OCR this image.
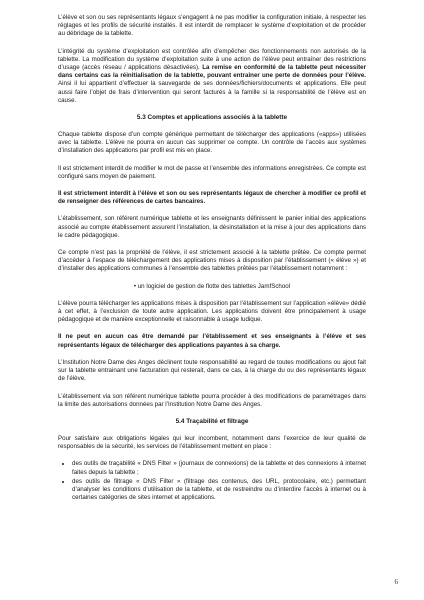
L’élève et son ou ses représentants légaux s’engagent à ne pas modifier la configuration initiale, à respecter les réglages et les profils de sécurité installés. Il est interdit de remplacer le système d’exploitation et de procéder au débridage de la tablette.

L’intégrité du système d’exploitation est contrôlée afin d’empêcher des fonctionnements non autorisés de la tablette. La modification du système d’exploitation suite à une action de l’élève peut entraîner des restrictions d’usage (accès réseau / applications désactivées). La remise en conformité de la tablette peut nécessiter dans certains cas la réinitialisation de la tablette, pouvant entraîner une perte de données pour l’élève. Ainsi il lui appartient d’effectuer la sauvegarde de ses données/fichiers/documents et applications. Elle peut aussi faire l’objet de frais d’intervention qui seront facturés à la famille si la responsabilité de l’élève est en cause.

5.3 Comptes et applications associés à la tablette

Chaque tablette dispose d’un compte générique permettant de télécharger des applications («apps») utilisées avec la tablette. L’élève ne pourra en aucun cas supprimer ce compte. Un contrôle de l’accès aux systèmes d’installation des applications par profil est mis en place.

Il est strictement interdit de modifier le mot de passe et l’ensemble des informations enregistrées. Ce compte est configuré sans moyen de paiement.

Il est strictement interdit à l’élève et son ou ses représentants légaux de chercher à modifier ce profil et de renseigner des références de cartes bancaires.

L’établissement, son référent numérique tablette et les enseignants définissent le panier initial des applications associé au compte établissement assurent l’installation, la désinstallation et la mise à jour des applications dans le cadre pédagogique.

Ce compte n’est pas la propriété de l’élève, il est strictement associé à la tablette prêtée. Ce compte permet d’accéder à l’espace de téléchargement des applications mises à disposition par l’établissement (« élève ») et d’installer des applications communes à l’ensemble des tablettes prêtées par l’établissement notamment :

• un logiciel de gestion de flotte des tablettes JamfSchool

L’élève pourra télécharger les applications mises à disposition par l’établissement sur l’application «élève» dédié à cet effet, à l’exclusion de toute autre application. Les applications doivent être principalement à usage pédagogique et de manière exceptionnelle et raisonnable à usage ludique.

Il ne peut en aucun cas être demandé par l’établissement et ses enseignants à l’élève et ses représentants légaux de télécharger des applications payantes à sa charge.

L’Institution Notre Dame des Anges déclinent toute responsabilité au regard de toutes modifications ou ajout fait sur la tablette entrainant une facturation qui resterait, dans ce cas, à la charge du ou des représentants légaux de l’élève.

L’établissement via son référent numérique tablette pourra procéder à des modifications de paramétrages dans la limite des autorisations données par l’Institution Notre Dame des Anges.

5.4 Traçabilité et filtrage

Pour satisfaire aux obligations légales qui leur incombent, notamment dans l’exercice de leur qualité de responsables de la sécurité, les services de l’établissement mettent en place :

• des outils de traçabilité « DNS Filter » (journaux de connexions) de la tablette et des connexions à internet faites depuis la tablette ;
• des outils de filtrage « DNS Filter » (filtrage des contenus, des URL, protocolaire, etc.) permettant d’analyser les conditions d’utilisation de la tablette, et de restreindre ou d’interdire l’accès à internet ou à certaines catégories de sites internet et applications.
6
